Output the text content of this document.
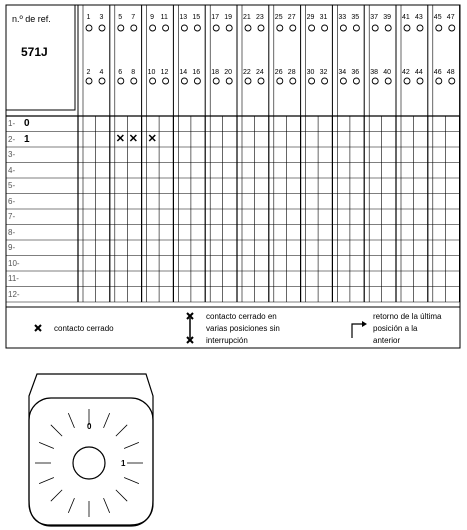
n.º de ref.
571J
1
2
3
4
5
6
7
8
9
10
11
12
13
14
15
16
17
18
19
20
21
22
23
24
25
26
27
28
29
30
31
32
33
34
35
36
37
38
39
40
41
42
43
44
45
46
47
48
1- 0
2- 1
3-
4-
5-
6-
7-
8-
9-
10-
11-
12-
✕ ✕ ✕
contacto cerrado
contacto cerrado en
varias posiciones sin
interrupción
retorno de la última
posición a la
anterior
0
1
